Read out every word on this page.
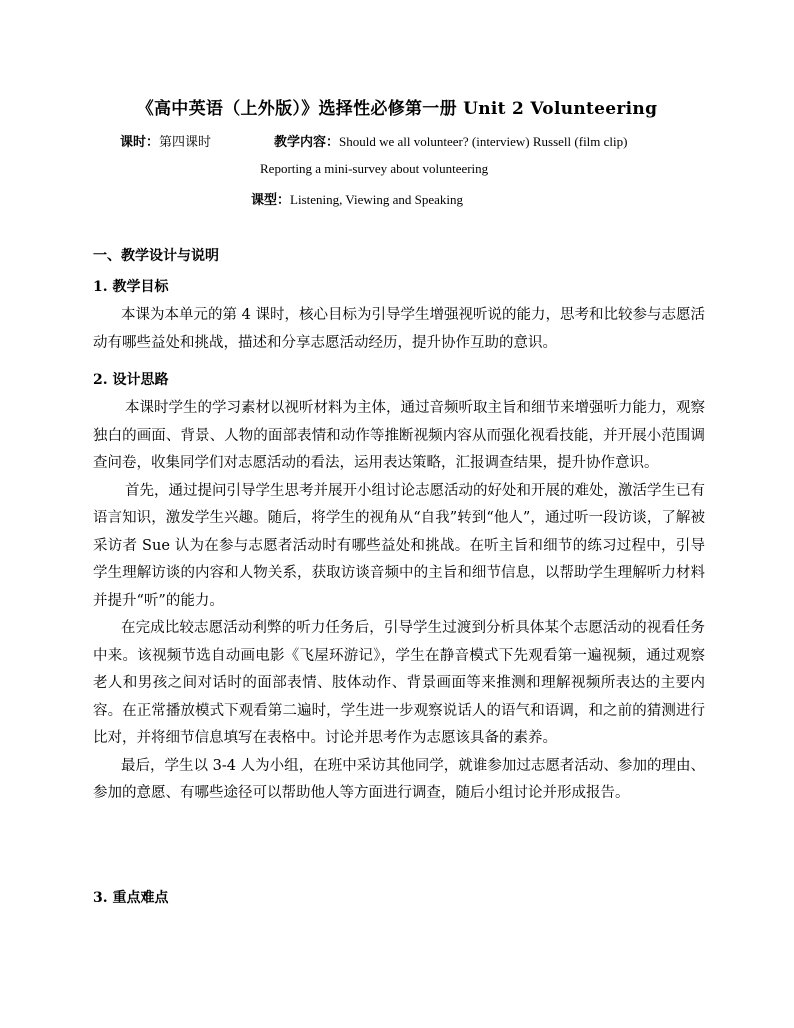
《高中英语（上外版）》选择性必修第一册 Unit 2 Volunteering
课时：第四课时	教学内容：Should we all volunteer? (interview) Russell (film clip)
Reporting a mini-survey about volunteering
课型：Listening, Viewing and Speaking
一、教学设计与说明
1. 教学目标

本课为本单元的第 4 课时，核心目标为引导学生增强视听说的能力，思考和比较参与志愿活动有哪些益处和挑战，描述和分享志愿活动经历，提升协作互助的意识。

2. 设计思路

本课时学生的学习素材以视听材料为主体，通过音频听取主旨和细节来增强听力能力，观察独白的画面、背景、人物的面部表情和动作等推断视频内容从而强化视看技能，并开展小范围调查问卷，收集同学们对志愿活动的看法，运用表达策略，汇报调查结果，提升协作意识。

首先，通过提问引导学生思考并展开小组讨论志愿活动的好处和开展的难处，激活学生已有语言知识，激发学生兴趣。随后，将学生的视角从“自我”转到“他人”，通过听一段访谈，了解被采访者 Sue 认为在参与志愿者活动时有哪些益处和挑战。在听主旨和细节的练习过程中，引导学生理解访谈的内容和人物关系，获取访谈音频中的主旨和细节信息，以帮助学生理解听力材料并提升“听”的能力。

在完成比较志愿活动利弊的听力任务后，引导学生过渡到分析具体某个志愿活动的视看任务中来。该视频节选自动画电影《飞屋环游记》，学生在静音模式下先观看第一遍视频，通过观察老人和男孩之间对话时的面部表情、肢体动作、背景画面等来推测和理解视频所表达的主要内容。在正常播放模式下观看第二遍时，学生进一步观察说话人的语气和语调，和之前的猜测进行比对，并将细节信息填写在表格中。讨论并思考作为志愿该具备的素养。

最后，学生以 3-4 人为小组，在班中采访其他同学，就谁参加过志愿者活动、参加的理由、参加的意愿、有哪些途径可以帮助他人等方面进行调查，随后小组讨论并形成报告。

3. 重点难点
